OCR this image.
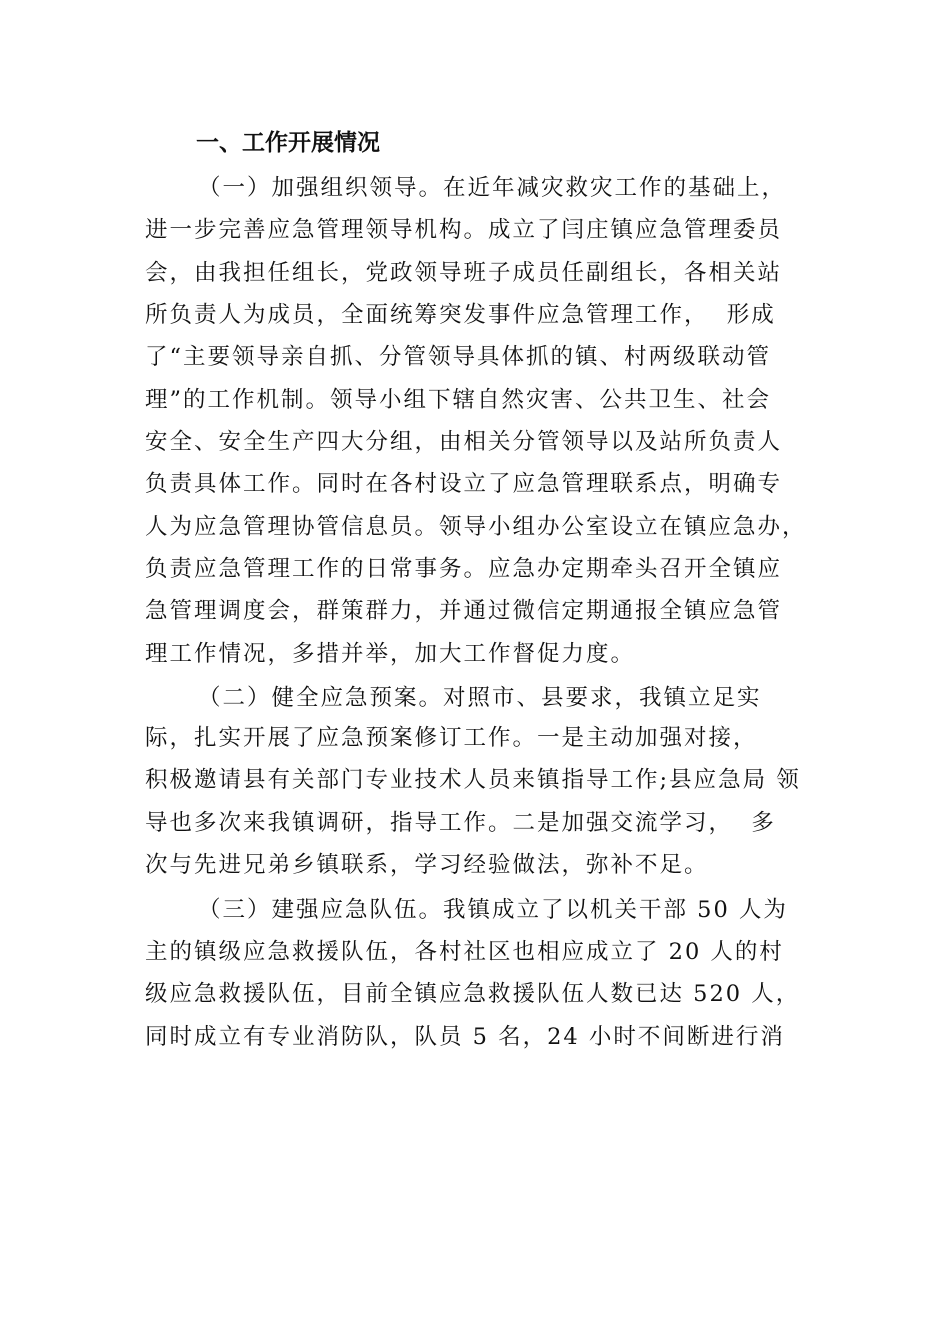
一、工作开展情况
（一）加强组织领导。在近年减灾救灾工作的基础上，
进一步完善应急管理领导机构。成立了闫庄镇应急管理委员
会，由我担任组长，党政领导班子成员任副组长，各相关站
所负责人为成员，全面统筹突发事件应急管理工作，  形成
了“主要领导亲自抓、分管领导具体抓的镇、村两级联动管
理”的工作机制。领导小组下辖自然灾害、公共卫生、社会
安全、安全生产四大分组，由相关分管领导以及站所负责人
负责具体工作。同时在各村设立了应急管理联系点，明确专
人为应急管理协管信息员。领导小组办公室设立在镇应急办，
负责应急管理工作的日常事务。应急办定期牵头召开全镇应
急管理调度会，群策群力，并通过微信定期通报全镇应急管
理工作情况，多措并举，加大工作督促力度。
（二）健全应急预案。对照市、县要求，我镇立足实
际，扎实开展了应急预案修订工作。一是主动加强对接，
积极邀请县有关部门专业技术人员来镇指导工作;县应急局 领
导也多次来我镇调研，指导工作。二是加强交流学习，  多
次与先进兄弟乡镇联系，学习经验做法，弥补不足。
（三）建强应急队伍。我镇成立了以机关干部 50 人为
主的镇级应急救援队伍，各村社区也相应成立了 20 人的村
级应急救援队伍，目前全镇应急救援队伍人数已达 520 人，
同时成立有专业消防队，队员 5 名，24 小时不间断进行消
